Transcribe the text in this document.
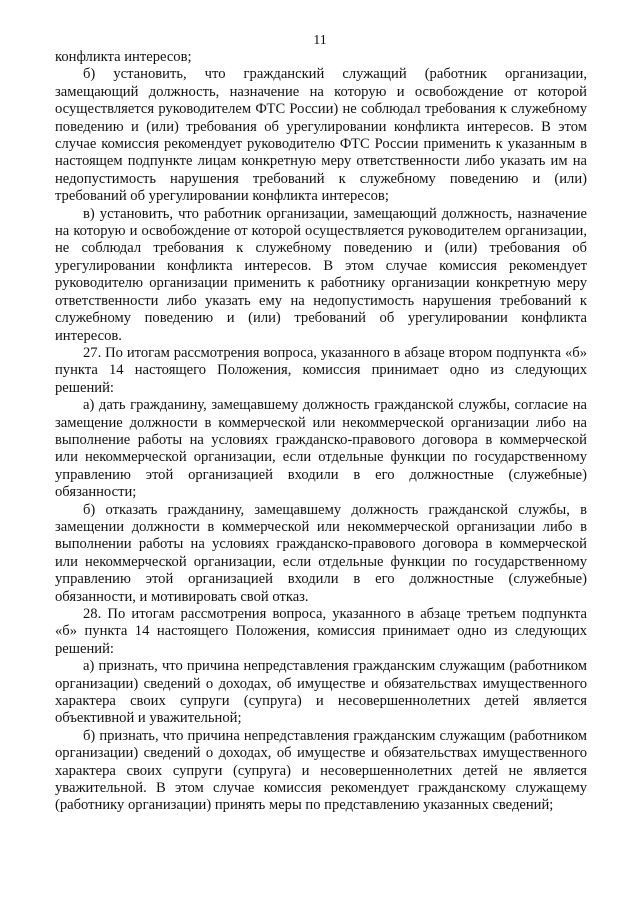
11

конфликта интересов;

б) установить, что гражданский служащий (работник организации, замещающий должность, назначение на которую и освобождение от которой осуществляется руководителем ФТС России) не соблюдал требования к служебному поведению и (или) требования об урегулировании конфликта интересов. В этом случае комиссия рекомендует руководителю ФТС России применить к указанным в настоящем подпункте лицам конкретную меру ответственности либо указать им на недопустимость нарушения требований к служебному поведению и (или) требований об урегулировании конфликта интересов;

в) установить, что работник организации, замещающий должность, назначение на которую и освобождение от которой осуществляется руководителем организации, не соблюдал требования к служебному поведению и (или) требования об урегулировании конфликта интересов. В этом случае комиссия рекомендует руководителю организации применить к работнику организации конкретную меру ответственности либо указать ему на недопустимость нарушения требований к служебному поведению и (или) требований об урегулировании конфликта интересов.

27. По итогам рассмотрения вопроса, указанного в абзаце втором подпункта «б» пункта 14 настоящего Положения, комиссия принимает одно из следующих решений:

а) дать гражданину, замещавшему должность гражданской службы, согласие на замещение должности в коммерческой или некоммерческой организации либо на выполнение работы на условиях гражданско-правового договора в коммерческой или некоммерческой организации, если отдельные функции по государственному управлению этой организацией входили в его должностные (служебные) обязанности;

б) отказать гражданину, замещавшему должность гражданской службы, в замещении должности в коммерческой или некоммерческой организации либо в выполнении работы на условиях гражданско-правового договора в коммерческой или некоммерческой организации, если отдельные функции по государственному управлению этой организацией входили в его должностные (служебные) обязанности, и мотивировать свой отказ.

28. По итогам рассмотрения вопроса, указанного в абзаце третьем подпункта «б» пункта 14 настоящего Положения, комиссия принимает одно из следующих решений:

а) признать, что причина непредставления гражданским служащим (работником организации) сведений о доходах, об имуществе и обязательствах имущественного характера своих супруги (супруга) и несовершеннолетних детей является объективной и уважительной;

б) признать, что причина непредставления гражданским служащим (работником организации) сведений о доходах, об имуществе и обязательствах имущественного характера своих супруги (супруга) и несовершеннолетних детей не является уважительной. В этом случае комиссия рекомендует гражданскому служащему (работнику организации) принять меры по представлению указанных сведений;
